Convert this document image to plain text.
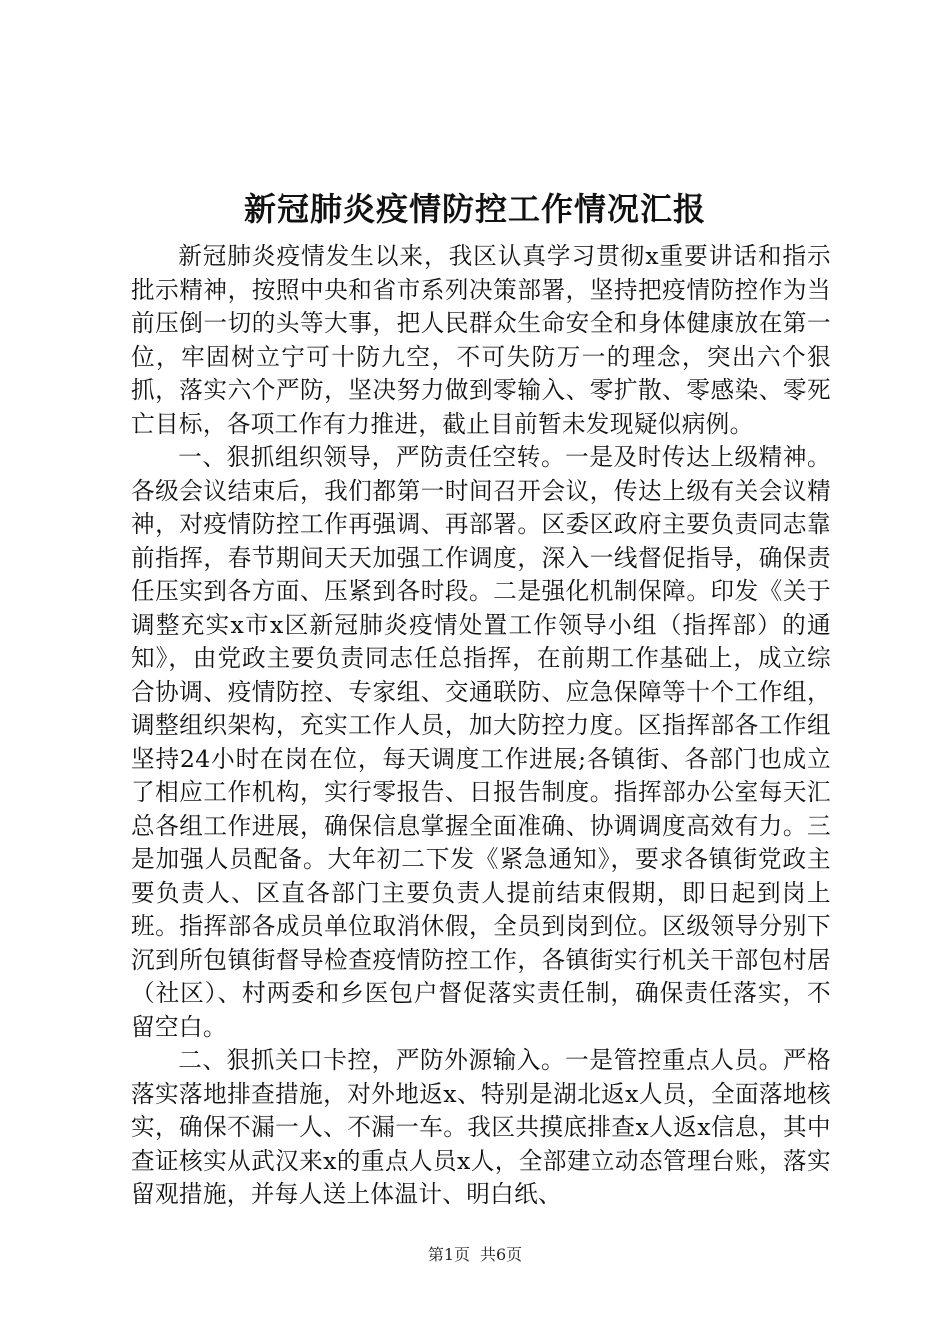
新冠肺炎疫情防控工作情况汇报

新冠肺炎疫情发生以来，我区认真学习贯彻x重要讲话和指示批示精神，按照中央和省市系列决策部署，坚持把疫情防控作为当前压倒一切的头等大事，把人民群众生命安全和身体健康放在第一位，牢固树立宁可十防九空，不可失防万一的理念，突出六个狠抓，落实六个严防，坚决努力做到零输入、零扩散、零感染、零死亡目标，各项工作有力推进，截止目前暂未发现疑似病例。

一、狠抓组织领导，严防责任空转。一是及时传达上级精神。各级会议结束后，我们都第一时间召开会议，传达上级有关会议精神，对疫情防控工作再强调、再部署。区委区政府主要负责同志靠前指挥，春节期间天天加强工作调度，深入一线督促指导，确保责任压实到各方面、压紧到各时段。二是强化机制保障。印发《关于调整充实x市x区新冠肺炎疫情处置工作领导小组（指挥部）的通知》，由党政主要负责同志任总指挥，在前期工作基础上，成立综合协调、疫情防控、专家组、交通联防、应急保障等十个工作组，调整组织架构，充实工作人员，加大防控力度。区指挥部各工作组坚持24小时在岗在位，每天调度工作进展;各镇街、各部门也成立了相应工作机构，实行零报告、日报告制度。指挥部办公室每天汇总各组工作进展，确保信息掌握全面准确、协调调度高效有力。三是加强人员配备。大年初二下发《紧急通知》，要求各镇街党政主要负责人、区直各部门主要负责人提前结束假期，即日起到岗上班。指挥部各成员单位取消休假，全员到岗到位。区级领导分别下沉到所包镇街督导检查疫情防控工作，各镇街实行机关干部包村居（社区）、村两委和乡医包户督促落实责任制，确保责任落实，不留空白。

二、狠抓关口卡控，严防外源输入。一是管控重点人员。严格落实落地排查措施，对外地返x、特别是湖北返x人员，全面落地核实，确保不漏一人、不漏一车。我区共摸底排查x人返x信息，其中查证核实从武汉来x的重点人员x人，全部建立动态管理台账，落实留观措施，并每人送上体温计、明白纸、

第1页 共6页
